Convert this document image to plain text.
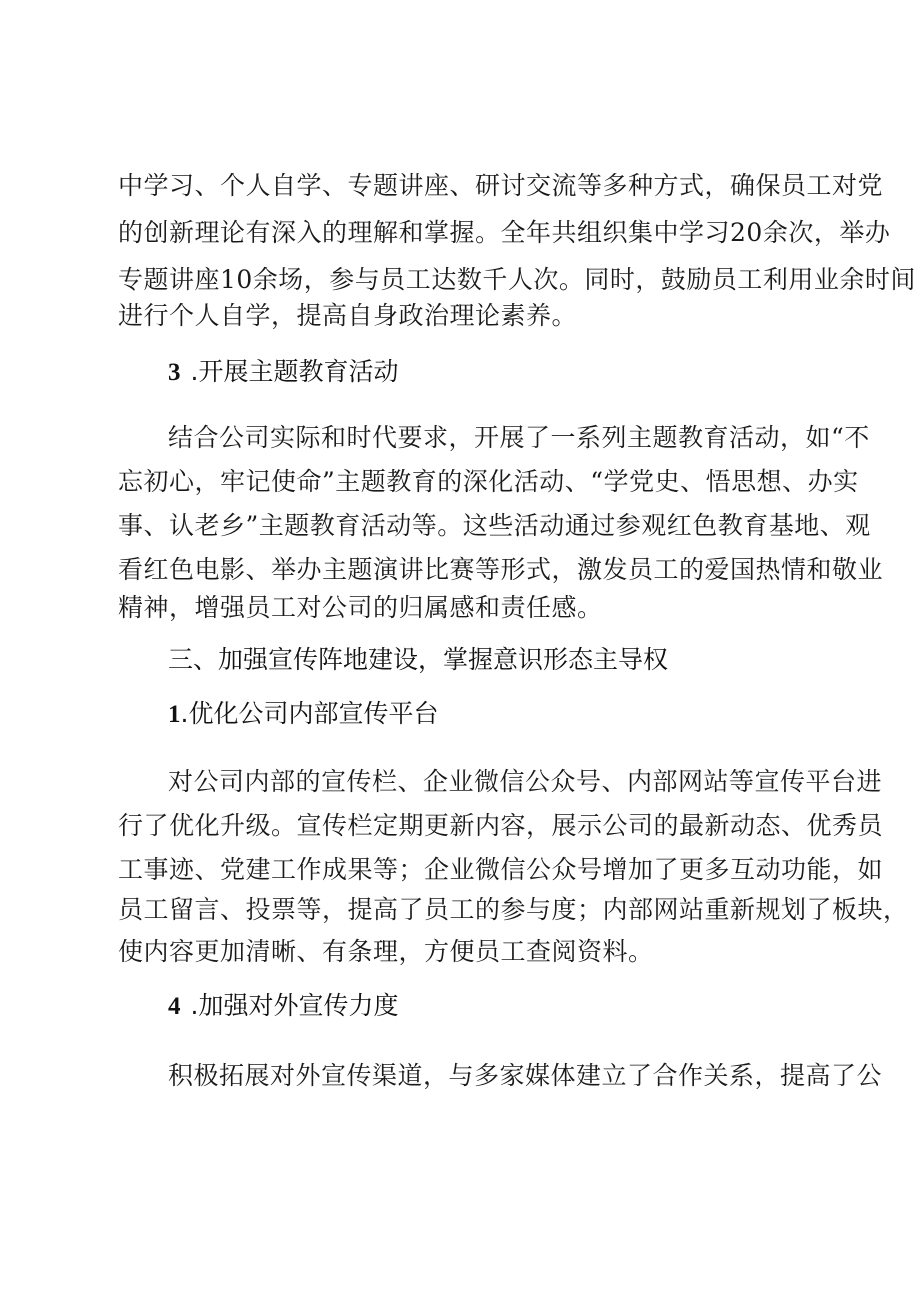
中学习、个人自学、专题讲座、研讨交流等多种方式，确保员工对党
的创新理论有深入的理解和掌握。全年共组织集中学习20余次，举办
专题讲座10余场，参与员工达数千人次。同时，鼓励员工利用业余时间
进行个人自学，提高自身政治理论素养。
3 .开展主题教育活动
结合公司实际和时代要求，开展了一系列主题教育活动，如“不
忘初心，牢记使命”主题教育的深化活动、“学党史、悟思想、办实
事、认老乡”主题教育活动等。这些活动通过参观红色教育基地、观
看红色电影、举办主题演讲比赛等形式，激发员工的爱国热情和敬业
精神，增强员工对公司的归属感和责任感。
三、加强宣传阵地建设，掌握意识形态主导权
1.优化公司内部宣传平台
对公司内部的宣传栏、企业微信公众号、内部网站等宣传平台进
行了优化升级。宣传栏定期更新内容，展示公司的最新动态、优秀员
工事迹、党建工作成果等；企业微信公众号增加了更多互动功能，如
员工留言、投票等，提高了员工的参与度；内部网站重新规划了板块，
使内容更加清晰、有条理，方便员工查阅资料。
4 .加强对外宣传力度
积极拓展对外宣传渠道，与多家媒体建立了合作关系，提高了公
